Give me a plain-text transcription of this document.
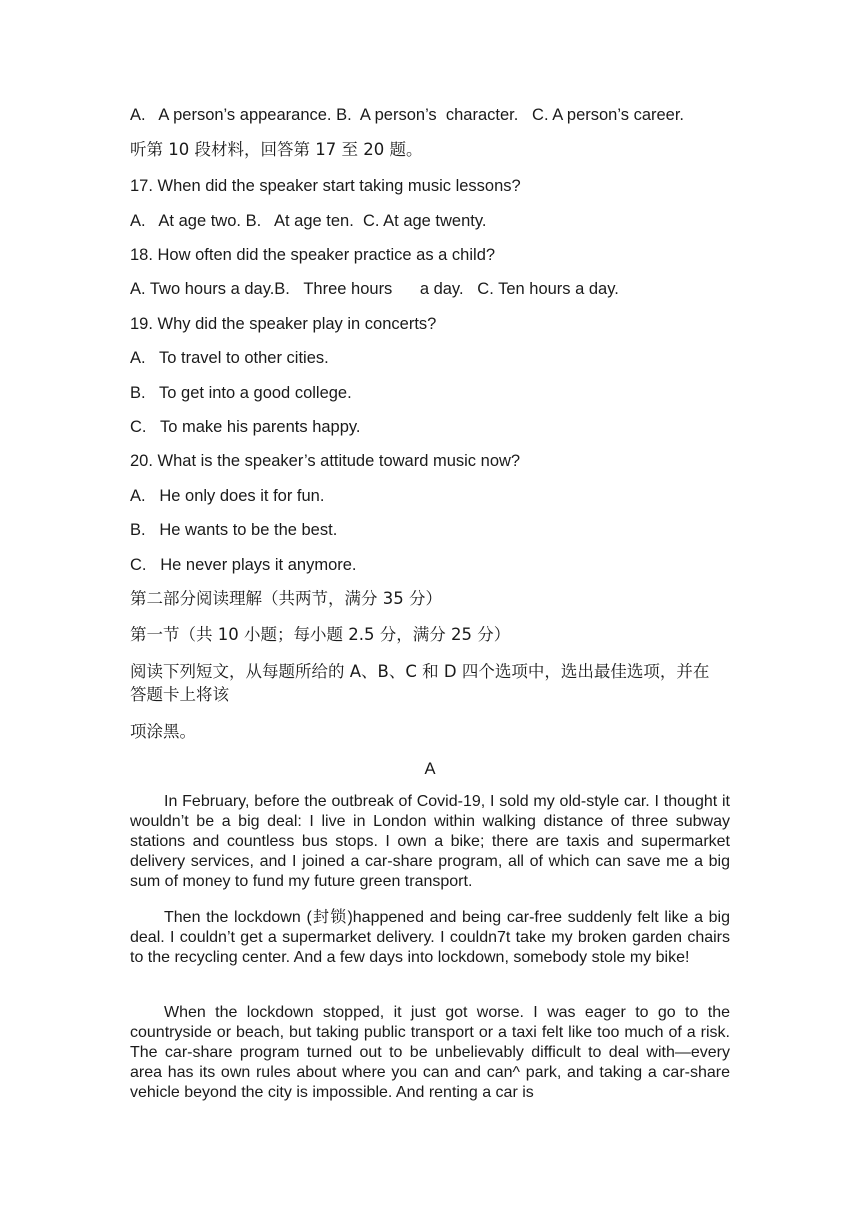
A.   A person’s appearance. B.  A person’s  character.   C. A person’s career.

听第 10 段材料，回答第 17 至 20 题。

17. When did the speaker start taking music lessons?

A.   At age two. B.   At age ten.  C. At age twenty.

18. How often did the speaker practice as a child?

A. Two hours a day.B.   Three hours      a day.   C. Ten hours a day.

19. Why did the speaker play in concerts?

A.   To travel to other cities.

B.   To get into a good college.

C.   To make his parents happy.

20. What is the speaker’s attitude toward music now?

A.   He only does it for fun.

B.   He wants to be the best.

C.   He never plays it anymore.

第二部分阅读理解（共两节，满分 35 分）

第一节（共 10 小题；每小题 2.5 分，满分 25 分）

阅读下列短文，从每题所给的 A、B、C 和 D 四个选项中，选出最佳选项，并在

答题卡上将该

项涂黑。

A

In February, before the outbreak of Covid-19, I sold my old-style car. I thought it wouldn’t be a big deal: I live in London within walking distance of three subway stations and countless bus stops. I own a bike; there are taxis and supermarket delivery services, and I joined a car-share program, all of which can save me a big sum of money to fund my future green transport.

Then the lockdown (封锁)happened and being car-free suddenly felt like a big deal. I couldn’t get a supermarket delivery. I couldn7t take my broken garden chairs to the recycling center. And a few days into lockdown, somebody stole my bike!

When the lockdown stopped, it just got worse. I was eager to go to the countryside or beach, but taking public transport or a taxi felt like too much of a risk. The car-share program turned out to be unbelievably difficult to deal with—every area has its own rules about where you can and can^ park, and taking a car-share vehicle beyond the city is impossible. And renting a car is
